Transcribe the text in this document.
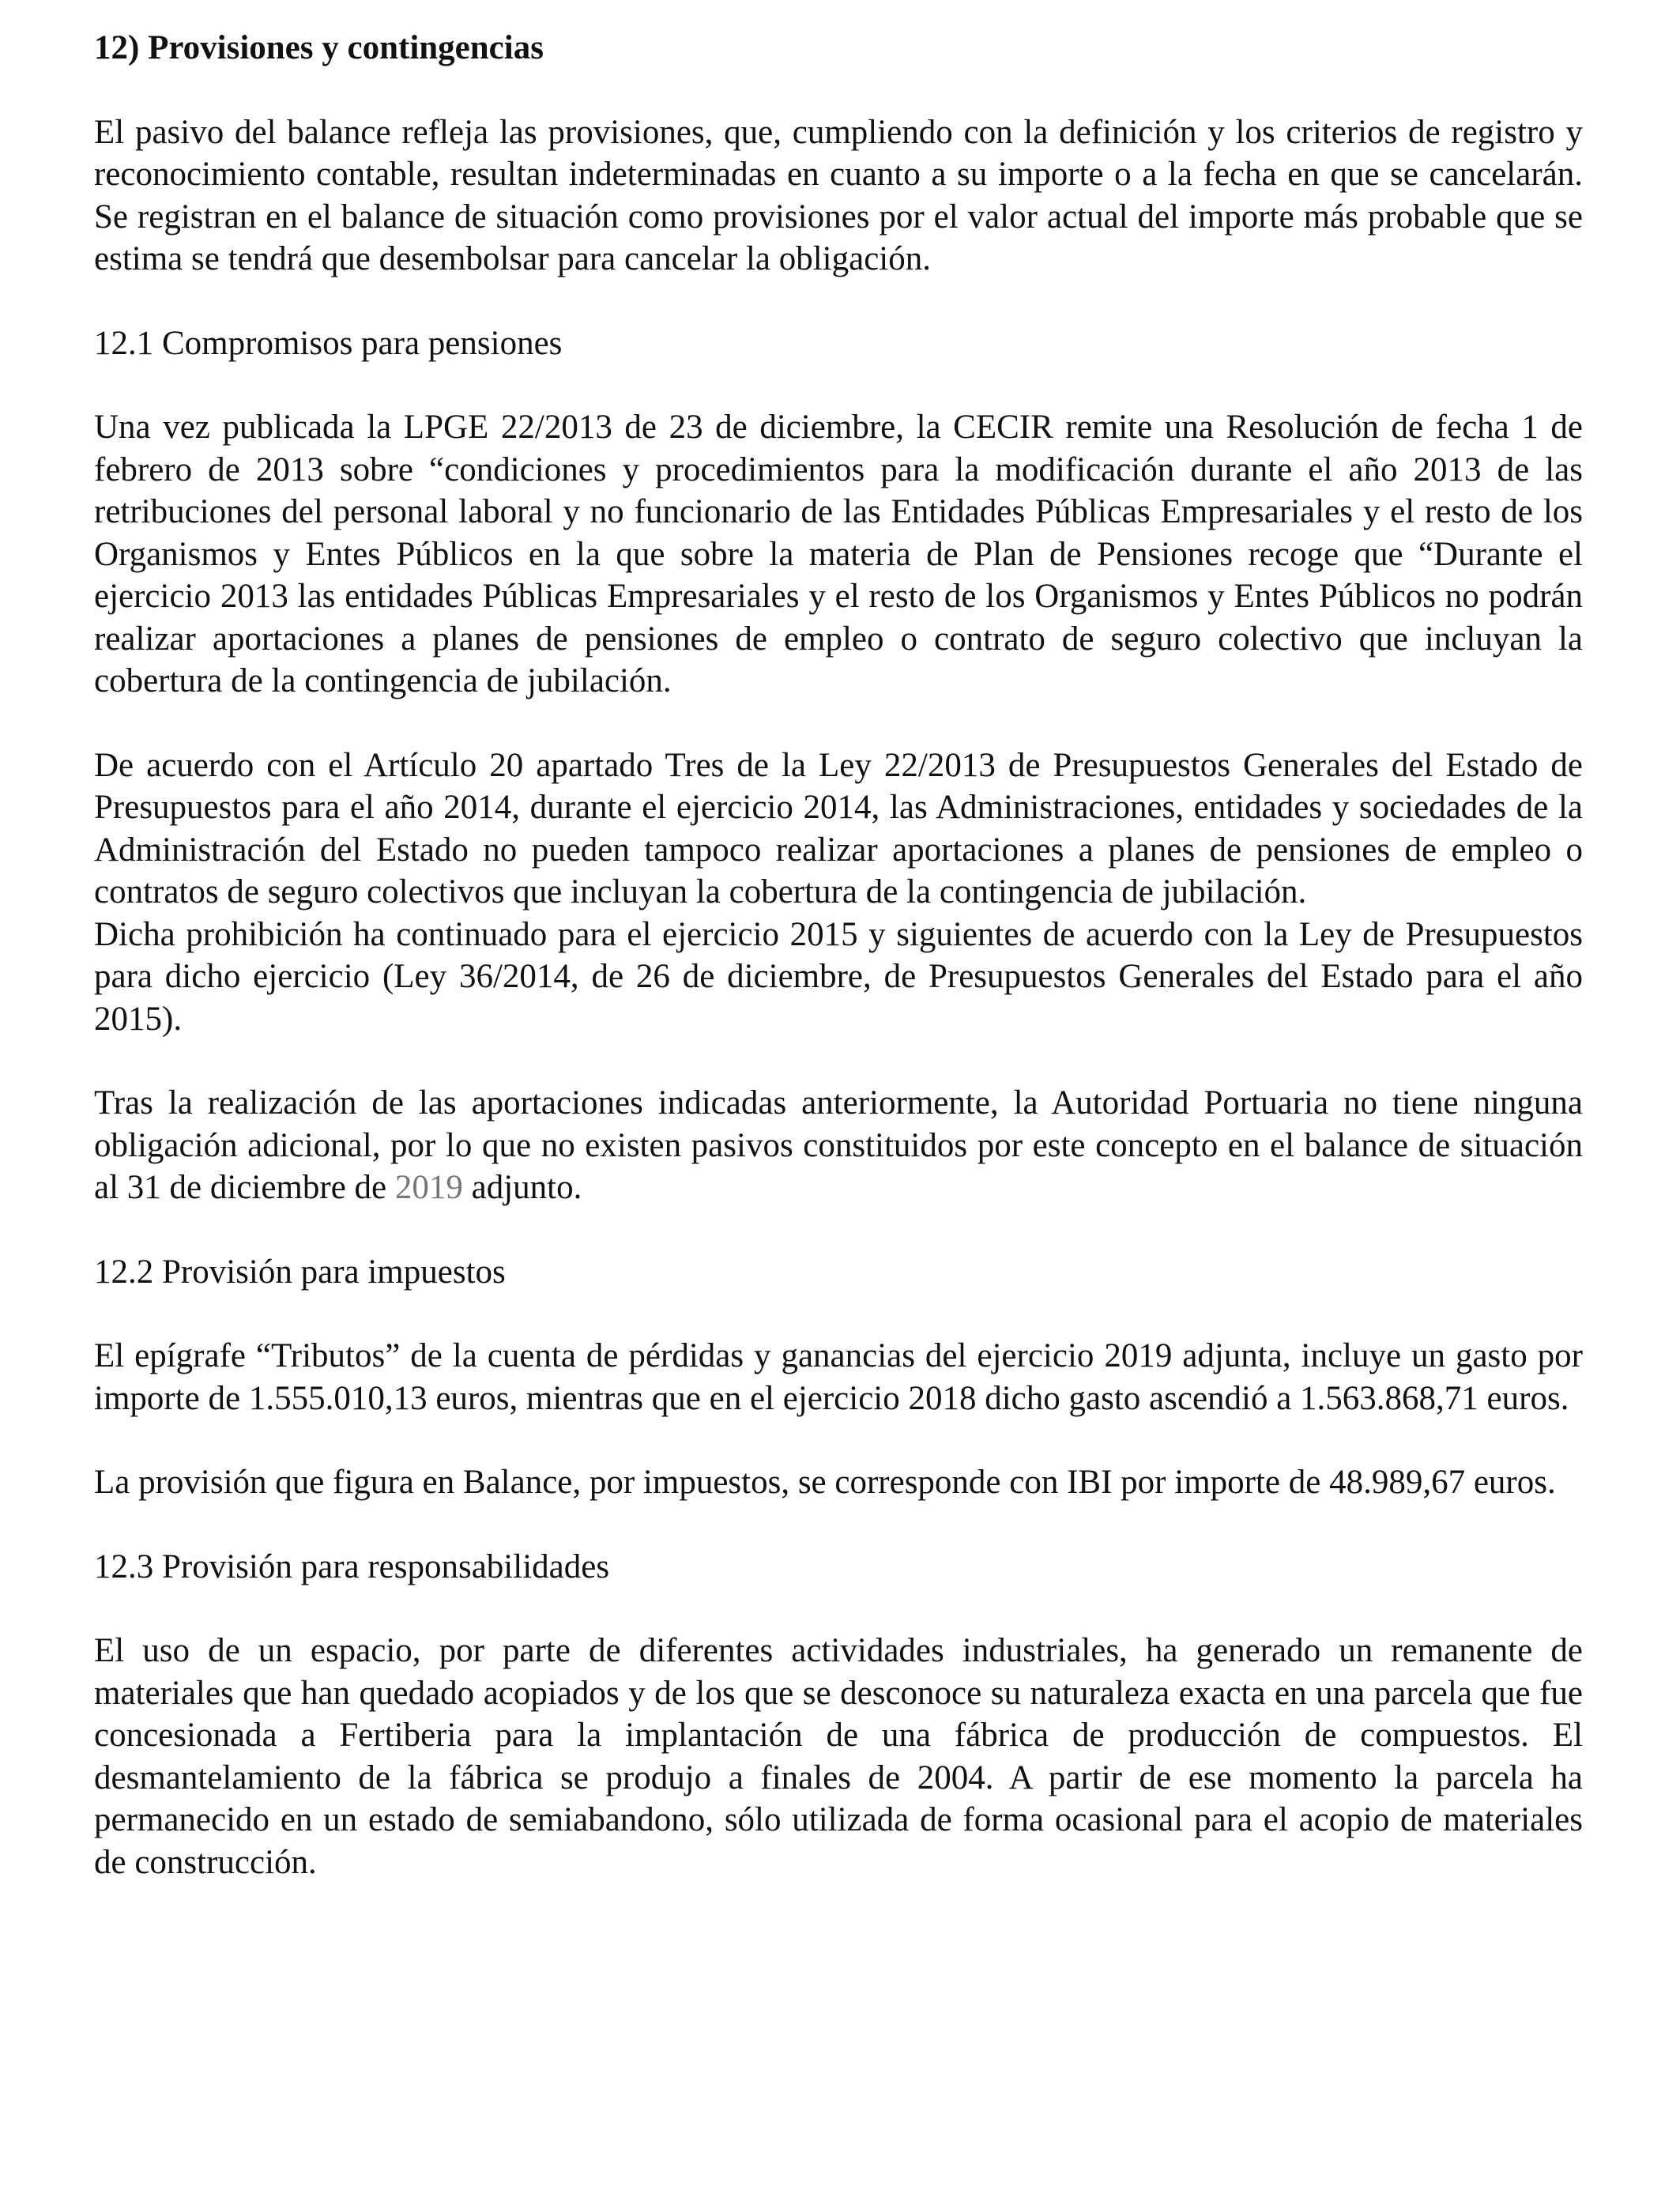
12) Provisiones y contingencias

El pasivo del balance refleja las provisiones, que, cumpliendo con la definición y los criterios de registro y reconocimiento contable, resultan indeterminadas en cuanto a su importe o a la fecha en que se cancelarán. Se registran en el balance de situación como provisiones por el valor actual del importe más probable que se estima se tendrá que desembolsar para cancelar la obligación.

12.1 Compromisos para pensiones

Una vez publicada la LPGE 22/2013 de 23 de diciembre, la CECIR remite una Resolución de fecha 1 de febrero de 2013 sobre “condiciones y procedimientos para la modificación durante el año 2013 de las retribuciones del personal laboral y no funcionario de las Entidades Públicas Empresariales y el resto de los Organismos y Entes Públicos en la que sobre la materia de Plan de Pensiones recoge que “Durante el ejercicio 2013 las entidades Públicas Empresariales y el resto de los Organismos y Entes Públicos no podrán realizar aportaciones a planes de pensiones de empleo o contrato de seguro colectivo que incluyan la cobertura de la contingencia de jubilación.

De acuerdo con el Artículo 20 apartado Tres de la Ley 22/2013 de Presupuestos Generales del Estado de Presupuestos para el año 2014, durante el ejercicio 2014, las Administraciones, entidades y sociedades de la Administración del Estado no pueden tampoco realizar aportaciones a planes de pensiones de empleo o contratos de seguro colectivos que incluyan la cobertura de la contingencia de jubilación.

Dicha prohibición ha continuado para el ejercicio 2015 y siguientes de acuerdo con la Ley de Presupuestos para dicho ejercicio (Ley 36/2014, de 26 de diciembre, de Presupuestos Generales del Estado para el año 2015).

Tras la realización de las aportaciones indicadas anteriormente, la Autoridad Portuaria no tiene ninguna obligación adicional, por lo que no existen pasivos constituidos por este concepto en el balance de situación al 31 de diciembre de 2019 adjunto.

12.2 Provisión para impuestos

El epígrafe “Tributos” de la cuenta de pérdidas y ganancias del ejercicio 2019 adjunta, incluye un gasto por importe de 1.555.010,13 euros, mientras que en el ejercicio 2018 dicho gasto ascendió a 1.563.868,71 euros.

La provisión que figura en Balance, por impuestos, se corresponde con IBI por importe de 48.989,67 euros.

12.3 Provisión para responsabilidades

El uso de un espacio, por parte de diferentes actividades industriales, ha generado un remanente de materiales que han quedado acopiados y de los que se desconoce su naturaleza exacta en una parcela que fue concesionada a Fertiberia para la implantación de una fábrica de producción de compuestos. El desmantelamiento de la fábrica se produjo a finales de 2004. A partir de ese momento la parcela ha permanecido en un estado de semiabandono, sólo utilizada de forma ocasional para el acopio de materiales de construcción.
